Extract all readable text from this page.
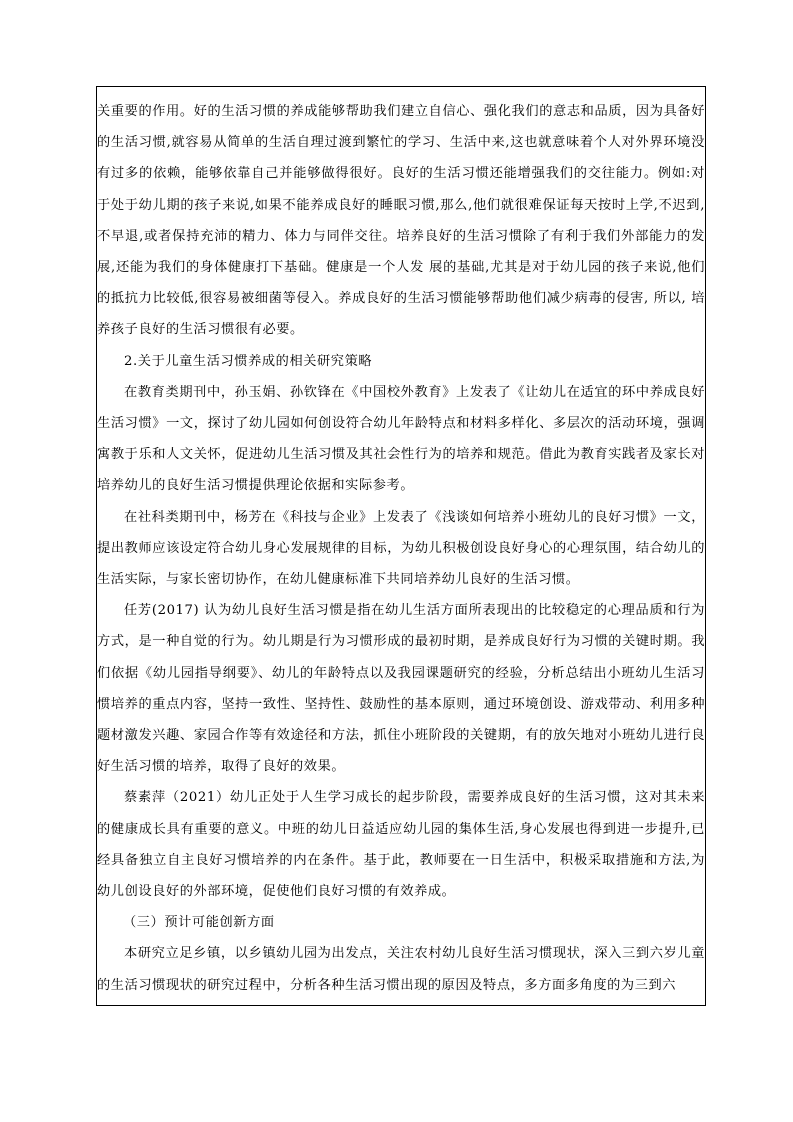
关重要的作用。好的生活习惯的养成能够帮助我们建立自信心、强化我们的意志和品质，因为具备好的生活习惯,就容易从简单的生活自理过渡到繁忙的学习、生活中来,这也就意味着个人对外界环境没有过多的依赖，能够依靠自己并能够做得很好。良好的生活习惯还能增强我们的交往能力。例如:对于处于幼儿期的孩子来说,如果不能养成良好的睡眠习惯,那么,他们就很难保证每天按时上学,不迟到,不早退,或者保持充沛的精力、体力与同伴交往。培养良好的生活习惯除了有利于我们外部能力的发展,还能为我们的身体健康打下基础。健康是一个人发 展的基础,尤其是对于幼儿园的孩子来说,他们的抵抗力比较低,很容易被细菌等侵入。养成良好的生活习惯能够帮助他们减少病毒的侵害, 所以, 培养孩子良好的生活习惯很有必要。

2.关于儿童生活习惯养成的相关研究策略

在教育类期刊中，孙玉娟、孙钦锋在《中国校外教育》上发表了《让幼儿在适宜的环中养成良好生活习惯》一文，探讨了幼儿园如何创设符合幼儿年龄特点和材料多样化、多层次的活动环境，强调寓教于乐和人文关怀，促进幼儿生活习惯及其社会性行为的培养和规范。借此为教育实践者及家长对培养幼儿的良好生活习惯提供理论依据和实际参考。

在社科类期刊中，杨芳在《科技与企业》上发表了《浅谈如何培养小班幼儿的良好习惯》一文，提出教师应该设定符合幼儿身心发展规律的目标，为幼儿积极创设良好身心的心理氛围，结合幼儿的生活实际，与家长密切协作，在幼儿健康标准下共同培养幼儿良好的生活习惯。

任芳(2017) 认为幼儿良好生活习惯是指在幼儿生活方面所表现出的比较稳定的心理品质和行为方式，是一种自觉的行为。幼儿期是行为习惯形成的最初时期，是养成良好行为习惯的关键时期。我们依据《幼儿园指导纲要》、幼儿的年龄特点以及我园课题研究的经验，分析总结出小班幼儿生活习惯培养的重点内容，坚持一致性、坚持性、鼓励性的基本原则，通过环境创设、游戏带动、利用多种题材激发兴趣、家园合作等有效途径和方法，抓住小班阶段的关键期，有的放矢地对小班幼儿进行良好生活习惯的培养，取得了良好的效果。

蔡素萍（2021）幼儿正处于人生学习成长的起步阶段，需要养成良好的生活习惯，这对其未来的健康成长具有重要的意义。中班的幼儿日益适应幼儿园的集体生活,身心发展也得到进一步提升,已经具备独立自主良好习惯培养的内在条件。基于此，教师要在一日生活中，积极采取措施和方法,为幼儿创设良好的外部环境，促使他们良好习惯的有效养成。

（三）预计可能创新方面

本研究立足乡镇，以乡镇幼儿园为出发点，关注农村幼儿良好生活习惯现状，深入三到六岁儿童的生活习惯现状的研究过程中，分析各种生活习惯出现的原因及特点，多方面多角度的为三到六
